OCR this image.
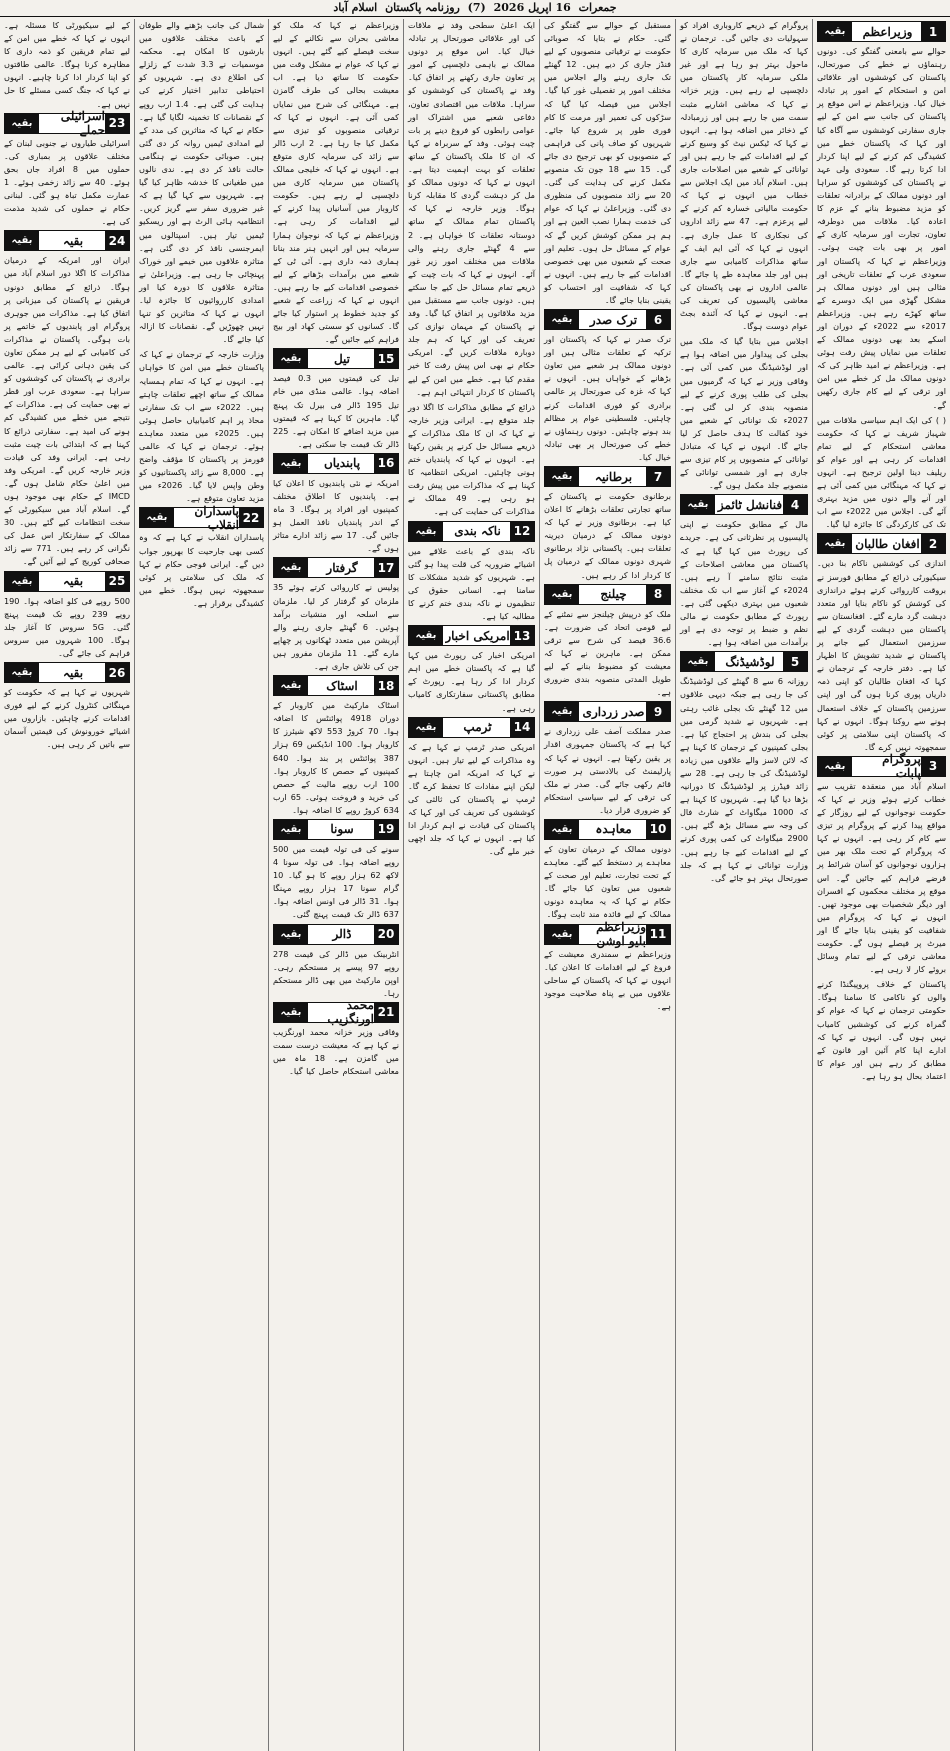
جمعرات 16 اپریل 2026 (7) روزنامہ پاکستان اسلام آباد
1
وزیراعظم
بقیہ

حوالے سے بامعنی گفتگو کی۔ دونوں رہنماؤں نے خطے کی صورتحال، پاکستان کی کوششوں اور علاقائی امن و استحکام کے امور پر تبادلہ خیال کیا۔ وزیراعظم نے اس موقع پر پاکستان کی جانب سے امن کے لیے جاری سفارتی کوششوں سے آگاہ کیا اور کہا کہ پاکستان خطے میں کشیدگی کم کرنے کے لیے اپنا کردار ادا کرتا رہے گا۔ سعودی ولی عہد نے پاکستان کی کوششوں کو سراہا اور دونوں ممالک کے برادرانہ تعلقات کو مزید مضبوط بنانے کے عزم کا اعادہ کیا۔ ملاقات میں دوطرفہ تعاون، تجارت اور سرمایہ کاری کے امور پر بھی بات چیت ہوئی۔ وزیراعظم نے کہا کہ پاکستان اور سعودی عرب کے تعلقات تاریخی اور مثالی ہیں اور دونوں ممالک ہر مشکل گھڑی میں ایک دوسرے کے ساتھ کھڑے رہے ہیں۔ وزیراعظم 2017ء سے 2022ء کے دوران اور اسکے بعد بھی دونوں ممالک کے تعلقات میں نمایاں پیش رفت ہوئی ہے۔ وزیراعظم نے امید ظاہر کی کہ دونوں ممالک مل کر خطے میں امن اور ترقی کے لیے کام جاری رکھیں گے۔

( ) کی ایک اہم سیاسی ملاقات میں شہباز شریف نے کہا کہ حکومت معاشی استحکام کے لیے تمام اقدامات کر رہی ہے اور عوام کو ریلیف دینا اولین ترجیح ہے۔ انہوں نے کہا کہ مہنگائی میں کمی آئی ہے اور آنے والے دنوں میں مزید بہتری آئے گی۔ اجلاس میں 2022ء سے اب تک کی کارکردگی کا جائزہ لیا گیا۔

2
افغان طالبان
بقیہ

اندازی کی کوششیں ناکام بنا دیں۔ سیکیورٹی ذرائع کے مطابق فورسز نے بروقت کارروائی کرتے ہوئے دراندازی کی کوشش کو ناکام بنایا اور متعدد دہشت گرد مارے گئے۔ افغانستان سے پاکستان میں دہشت گردی کے لیے سرزمین استعمال کیے جانے پر پاکستان نے شدید تشویش کا اظہار کیا ہے۔ دفتر خارجہ کے ترجمان نے کہا کہ افغان طالبان کو اپنی ذمہ داریاں پوری کرنا ہوں گی اور اپنی سرزمین پاکستان کے خلاف استعمال ہونے سے روکنا ہوگا۔ انہوں نے کہا کہ پاکستان اپنی سلامتی پر کوئی سمجھوتہ نہیں کرے گا۔

3
پروگرام پابات
بقیہ

اسلام آباد میں منعقدہ تقریب سے خطاب کرتے ہوئے وزیر نے کہا کہ حکومت نوجوانوں کے لیے روزگار کے مواقع پیدا کرنے کے پروگرام پر تیزی سے کام کر رہی ہے۔ انہوں نے کہا کہ پروگرام کے تحت ملک بھر میں ہزاروں نوجوانوں کو آسان شرائط پر قرضے فراہم کیے جائیں گے۔ اس موقع پر مختلف محکموں کے افسران اور دیگر شخصیات بھی موجود تھیں۔ انہوں نے کہا کہ پروگرام میں شفافیت کو یقینی بنایا جائے گا اور میرٹ پر فیصلے ہوں گے۔ حکومت معاشی ترقی کے لیے تمام وسائل بروئے کار لا رہی ہے۔

پاکستان کے خلاف پروپیگنڈا کرنے والوں کو ناکامی کا سامنا ہوگا۔ حکومتی ترجمان نے کہا کہ عوام کو گمراہ کرنے کی کوششیں کامیاب نہیں ہوں گی۔ انہوں نے کہا کہ ادارے اپنا کام آئین اور قانون کے مطابق کر رہے ہیں اور عوام کا اعتماد بحال ہو رہا ہے۔

پروگرام کے ذریعے کاروباری افراد کو سہولیات دی جائیں گی۔ ترجمان نے کہا کہ ملک میں سرمایہ کاری کا ماحول بہتر ہو رہا ہے اور غیر ملکی سرمایہ کار پاکستان میں دلچسپی لے رہے ہیں۔ وزیر خزانہ نے کہا کہ معاشی اشاریے مثبت سمت میں جا رہے ہیں اور زرمبادلہ کے ذخائر میں اضافہ ہوا ہے۔ انہوں نے کہا کہ ٹیکس نیٹ کو وسیع کرنے کے لیے اقدامات کیے جا رہے ہیں اور توانائی کے شعبے میں اصلاحات جاری ہیں۔ اسلام آباد میں ایک اجلاس سے خطاب میں انہوں نے کہا کہ حکومت مالیاتی خسارہ کم کرنے کے لیے پرعزم ہے۔ 47 سے زائد اداروں کی نجکاری کا عمل جاری ہے۔ انہوں نے کہا کہ آئی ایم ایف کے ساتھ مذاکرات کامیابی سے جاری ہیں اور جلد معاہدہ طے پا جائے گا۔ عالمی اداروں نے بھی پاکستان کی معاشی پالیسیوں کی تعریف کی ہے۔ انہوں نے کہا کہ آئندہ بجٹ عوام دوست ہوگا۔

اجلاس میں بتایا گیا کہ ملک میں بجلی کی پیداوار میں اضافہ ہوا ہے اور لوڈشیڈنگ میں کمی آئی ہے۔ وفاقی وزیر نے کہا کہ گرمیوں میں بجلی کی طلب پوری کرنے کے لیے منصوبہ بندی کر لی گئی ہے۔ 2027ء تک توانائی کے شعبے میں خود کفالت کا ہدف حاصل کر لیا جائے گا۔ انہوں نے کہا کہ متبادل توانائی کے منصوبوں پر کام تیزی سے جاری ہے اور شمسی توانائی کے منصوبے جلد مکمل ہوں گے۔

4
فنانشل ٹائمز
بقیہ

مال کے مطابق حکومت نے اپنی پالیسیوں پر نظرثانی کی ہے۔ جریدے کی رپورٹ میں کہا گیا ہے کہ پاکستان میں معاشی اصلاحات کے مثبت نتائج سامنے آ رہے ہیں۔ 2024ء کے آغاز سے اب تک مختلف شعبوں میں بہتری دیکھی گئی ہے۔ رپورٹ کے مطابق حکومت نے مالی نظم و ضبط پر توجہ دی ہے اور برآمدات میں اضافہ ہوا ہے۔

5
لوڈشیڈنگ
بقیہ

روزانہ 6 سے 8 گھنٹے کی لوڈشیڈنگ کی جا رہی ہے جبکہ دیہی علاقوں میں 12 گھنٹے تک بجلی غائب رہتی ہے۔ شہریوں نے شدید گرمی میں بجلی کی بندش پر احتجاج کیا ہے۔ بجلی کمپنیوں کے ترجمان کا کہنا ہے کہ لائن لاسز والے علاقوں میں زیادہ لوڈشیڈنگ کی جا رہی ہے۔ 28 سے زائد فیڈرز پر لوڈشیڈنگ کا دورانیہ بڑھا دیا گیا ہے۔ شہریوں کا کہنا ہے کہ 1000 میگاواٹ کے شارٹ فال کی وجہ سے مسائل بڑھ گئے ہیں۔ 2900 میگاواٹ کی کمی پوری کرنے کے لیے اقدامات کیے جا رہے ہیں۔ وزارت توانائی نے کہا ہے کہ جلد صورتحال بہتر ہو جائے گی۔

مستقبل کے حوالے سے گفتگو کی گئی۔ حکام نے بتایا کہ صوبائی حکومت نے ترقیاتی منصوبوں کے لیے فنڈز جاری کر دیے ہیں۔ 12 گھنٹے تک جاری رہنے والے اجلاس میں مختلف امور پر تفصیلی غور کیا گیا۔ اجلاس میں فیصلہ کیا گیا کہ سڑکوں کی تعمیر اور مرمت کا کام فوری طور پر شروع کیا جائے۔ شہریوں کو صاف پانی کی فراہمی کے منصوبوں کو بھی ترجیح دی جائے گی۔ 15 سے 18 جون تک منصوبے مکمل کرنے کی ہدایت کی گئی۔ 20 سے زائد منصوبوں کی منظوری دی گئی۔ وزیراعلیٰ نے کہا کہ عوام کی خدمت ہمارا نصب العین ہے اور ہم ہر ممکن کوشش کریں گے کہ عوام کے مسائل حل ہوں۔ تعلیم اور صحت کے شعبوں میں بھی خصوصی اقدامات کیے جا رہے ہیں۔ انہوں نے کہا کہ شفافیت اور احتساب کو یقینی بنایا جائے گا۔

6
ترک صدر
بقیہ

ترک صدر نے کہا کہ پاکستان اور ترکیہ کے تعلقات مثالی ہیں اور دونوں ممالک ہر شعبے میں تعاون بڑھانے کے خواہاں ہیں۔ انہوں نے کہا کہ غزہ کی صورتحال پر عالمی برادری کو فوری اقدامات کرنے چاہئیں۔ فلسطینی عوام پر مظالم بند ہونے چاہئیں۔ دونوں رہنماؤں نے خطے کی صورتحال پر بھی تبادلہ خیال کیا۔

7
برطانیہ
بقیہ

برطانوی حکومت نے پاکستان کے ساتھ تجارتی تعلقات بڑھانے کا اعلان کیا ہے۔ برطانوی وزیر نے کہا کہ دونوں ممالک کے درمیان دیرینہ تعلقات ہیں۔ پاکستانی نژاد برطانوی شہری دونوں ممالک کے درمیان پل کا کردار ادا کر رہے ہیں۔

8
چیلنج
بقیہ

ملک کو درپیش چیلنجز سے نمٹنے کے لیے قومی اتحاد کی ضرورت ہے۔ 36.6 فیصد کی شرح سے ترقی ممکن ہے۔ ماہرین نے کہا کہ معیشت کو مضبوط بنانے کے لیے طویل المدتی منصوبہ بندی ضروری ہے۔

9
صدر زرداری
بقیہ

صدر مملکت آصف علی زرداری نے کہا ہے کہ پاکستان جمہوری اقدار پر یقین رکھتا ہے۔ انہوں نے کہا کہ پارلیمنٹ کی بالادستی ہر صورت قائم رکھی جائے گی۔ صدر نے ملک کی ترقی کے لیے سیاسی استحکام کو ضروری قرار دیا۔

10
معاہدہ
بقیہ

دونوں ممالک کے درمیان تعاون کے معاہدے پر دستخط کیے گئے۔ معاہدے کے تحت تجارت، تعلیم اور صحت کے شعبوں میں تعاون کیا جائے گا۔ حکام نے کہا کہ یہ معاہدہ دونوں ممالک کے لیے فائدہ مند ثابت ہوگا۔

11
وزیراعظم بلیو اوشن
بقیہ

وزیراعظم نے سمندری معیشت کے فروغ کے لیے اقدامات کا اعلان کیا۔ انہوں نے کہا کہ پاکستان کے ساحلی علاقوں میں بے پناہ صلاحیت موجود ہے۔

ایک اعلیٰ سطحی وفد نے ملاقات کی اور علاقائی صورتحال پر تبادلہ خیال کیا۔ اس موقع پر دونوں ممالک نے باہمی دلچسپی کے امور پر تعاون جاری رکھنے پر اتفاق کیا۔ وفد نے پاکستان کی کوششوں کو سراہا۔ ملاقات میں اقتصادی تعاون، دفاعی شعبے میں اشتراک اور عوامی رابطوں کو فروغ دینے پر بات چیت ہوئی۔ وفد کے سربراہ نے کہا کہ ان کا ملک پاکستان کے ساتھ تعلقات کو بہت اہمیت دیتا ہے۔ انہوں نے کہا کہ دونوں ممالک کو مل کر دہشت گردی کا مقابلہ کرنا ہوگا۔ وزیر خارجہ نے کہا کہ پاکستان تمام ممالک کے ساتھ دوستانہ تعلقات کا خواہاں ہے۔ 2 سے 4 گھنٹے جاری رہنے والی ملاقات میں مختلف امور زیر غور آئے۔ انہوں نے کہا کہ بات چیت کے ذریعے تمام مسائل حل کیے جا سکتے ہیں۔ دونوں جانب سے مستقبل میں مزید ملاقاتوں پر اتفاق کیا گیا۔ وفد نے پاکستان کے مہمان نوازی کی تعریف کی اور کہا کہ ہم جلد دوبارہ ملاقات کریں گے۔ امریکی حکام نے بھی اس پیش رفت کا خیر مقدم کیا ہے۔ خطے میں امن کے لیے پاکستان کا کردار انتہائی اہم ہے۔

ذرائع کے مطابق مذاکرات کا اگلا دور جلد متوقع ہے۔ ایرانی وزیر خارجہ نے کہا کہ ان کا ملک مذاکرات کے ذریعے مسائل حل کرنے پر یقین رکھتا ہے۔ انہوں نے کہا کہ پابندیاں ختم ہونی چاہئیں۔ امریکی انتظامیہ کا کہنا ہے کہ مذاکرات میں پیش رفت ہو رہی ہے۔ 49 ممالک نے مذاکرات کی حمایت کی ہے۔

12
ناکہ بندی
بقیہ

ناکہ بندی کے باعث علاقے میں اشیائے ضروریہ کی قلت پیدا ہو گئی ہے۔ شہریوں کو شدید مشکلات کا سامنا ہے۔ انسانی حقوق کی تنظیموں نے ناکہ بندی ختم کرنے کا مطالبہ کیا ہے۔

13
امریکی اخبار
بقیہ

امریکی اخبار کی رپورٹ میں کہا گیا ہے کہ پاکستان خطے میں اہم کردار ادا کر رہا ہے۔ رپورٹ کے مطابق پاکستانی سفارتکاری کامیاب رہی ہے۔

14
ٹرمپ
بقیہ

امریکی صدر ٹرمپ نے کہا ہے کہ وہ مذاکرات کے لیے تیار ہیں۔ انہوں نے کہا کہ امریکہ امن چاہتا ہے لیکن اپنے مفادات کا تحفظ کرے گا۔ ٹرمپ نے پاکستان کی ثالثی کی کوششوں کی تعریف کی اور کہا کہ پاکستان کی قیادت نے اہم کردار ادا کیا ہے۔ انہوں نے کہا کہ جلد اچھی خبر ملے گی۔

وزیراعظم نے کہا کہ ملک کو معاشی بحران سے نکالنے کے لیے سخت فیصلے کیے گئے ہیں۔ انہوں نے کہا کہ عوام نے مشکل وقت میں حکومت کا ساتھ دیا ہے۔ اب معیشت بحالی کی طرف گامزن ہے۔ مہنگائی کی شرح میں نمایاں کمی آئی ہے۔ انہوں نے کہا کہ ترقیاتی منصوبوں کو تیزی سے مکمل کیا جا رہا ہے۔ 2 ارب ڈالر سے زائد کی سرمایہ کاری متوقع ہے۔ انہوں نے کہا کہ خلیجی ممالک پاکستان میں سرمایہ کاری میں دلچسپی لے رہے ہیں۔ حکومت کاروبار میں آسانیاں پیدا کرنے کے لیے اقدامات کر رہی ہے۔ وزیراعظم نے کہا کہ نوجوان ہمارا سرمایہ ہیں اور انہیں ہنر مند بنانا ہماری ذمہ داری ہے۔ آئی ٹی کے شعبے میں برآمدات بڑھانے کے لیے خصوصی اقدامات کیے جا رہے ہیں۔ انہوں نے کہا کہ زراعت کے شعبے کو جدید خطوط پر استوار کیا جائے گا۔ کسانوں کو سستی کھاد اور بیج فراہم کیے جائیں گے۔

15
تیل
بقیہ

تیل کی قیمتوں میں 0.3 فیصد اضافہ ہوا۔ عالمی منڈی میں خام تیل 195 ڈالر فی بیرل تک پہنچ گیا۔ ماہرین کا کہنا ہے کہ قیمتوں میں مزید اضافے کا امکان ہے۔ 225 ڈالر تک قیمت جا سکتی ہے۔

16
پابندیاں
بقیہ

امریکہ نے نئی پابندیوں کا اعلان کیا ہے۔ پابندیوں کا اطلاق مختلف کمپنیوں اور افراد پر ہوگا۔ 3 ماہ کے اندر پابندیاں نافذ العمل ہو جائیں گی۔ 17 سے زائد ادارے متاثر ہوں گے۔

17
گرفتار
بقیہ

پولیس نے کارروائی کرتے ہوئے 35 ملزمان کو گرفتار کر لیا۔ ملزمان سے اسلحہ اور منشیات برآمد ہوئیں۔ 6 گھنٹے جاری رہنے والے آپریشن میں متعدد ٹھکانوں پر چھاپے مارے گئے۔ 11 ملزمان مفرور ہیں جن کی تلاش جاری ہے۔

18
اسٹاک
بقیہ

اسٹاک مارکیٹ میں کاروبار کے دوران 4918 پوائنٹس کا اضافہ ہوا۔ 70 کروڑ 553 لاکھ شیئرز کا کاروبار ہوا۔ 100 انڈیکس 69 ہزار 387 پوائنٹس پر بند ہوا۔ 640 کمپنیوں کے حصص کا کاروبار ہوا۔ 100 ارب روپے مالیت کے حصص کی خرید و فروخت ہوئی۔ 65 ارب 634 کروڑ روپے کا اضافہ ہوا۔

19
سونا
بقیہ

سونے کی فی تولہ قیمت میں 500 روپے اضافہ ہوا۔ فی تولہ سونا 4 لاکھ 62 ہزار روپے کا ہو گیا۔ 10 گرام سونا 17 ہزار روپے مہنگا ہوا۔ 31 ڈالر فی اونس اضافہ ہوا۔ 637 ڈالر تک قیمت پہنچ گئی۔

20
ڈالر
بقیہ

انٹربینک میں ڈالر کی قیمت 278 روپے 97 پیسے پر مستحکم رہی۔ اوپن مارکیٹ میں بھی ڈالر مستحکم رہا۔

21
محمد اورنگزیب
بقیہ

وفاقی وزیر خزانہ محمد اورنگزیب نے کہا ہے کہ معیشت درست سمت میں گامزن ہے۔ 18 ماہ میں معاشی استحکام حاصل کیا گیا۔

شمال کی جانب بڑھنے والے طوفان کے باعث مختلف علاقوں میں بارشوں کا امکان ہے۔ محکمہ موسمیات نے 3.3 شدت کے زلزلے کی اطلاع دی ہے۔ شہریوں کو احتیاطی تدابیر اختیار کرنے کی ہدایت کی گئی ہے۔ 1.4 ارب روپے کے نقصانات کا تخمینہ لگایا گیا ہے۔ حکام نے کہا کہ متاثرین کی مدد کے لیے امدادی ٹیمیں روانہ کر دی گئی ہیں۔ صوبائی حکومت نے ہنگامی حالت نافذ کر دی ہے۔ ندی نالوں میں طغیانی کا خدشہ ظاہر کیا گیا ہے۔ شہریوں سے کہا گیا ہے کہ غیر ضروری سفر سے گریز کریں۔ انتظامیہ ہائی الرٹ ہے اور ریسکیو ٹیمیں تیار ہیں۔ اسپتالوں میں ایمرجنسی نافذ کر دی گئی ہے۔ متاثرہ علاقوں میں خیمے اور خوراک پہنچائی جا رہی ہے۔ وزیراعلیٰ نے متاثرہ علاقوں کا دورہ کیا اور امدادی کارروائیوں کا جائزہ لیا۔ انہوں نے کہا کہ متاثرین کو تنہا نہیں چھوڑیں گے۔ نقصانات کا ازالہ کیا جائے گا۔

وزارت خارجہ کے ترجمان نے کہا کہ پاکستان خطے میں امن کا خواہاں ہے۔ انہوں نے کہا کہ تمام ہمسایہ ممالک کے ساتھ اچھے تعلقات چاہتے ہیں۔ 2022ء سے اب تک سفارتی محاذ پر اہم کامیابیاں حاصل ہوئی ہیں۔ 2025ء میں متعدد معاہدے ہوئے۔ ترجمان نے کہا کہ عالمی فورمز پر پاکستان کا مؤقف واضح ہے۔ 8,000 سے زائد پاکستانیوں کو وطن واپس لایا گیا۔ 2026ء میں مزید تعاون متوقع ہے۔

22
پاسداران انقلاب
بقیہ

پاسداران انقلاب نے کہا ہے کہ وہ کسی بھی جارحیت کا بھرپور جواب دیں گے۔ ایرانی فوجی حکام نے کہا کہ ملک کی سلامتی پر کوئی سمجھوتہ نہیں ہوگا۔ خطے میں کشیدگی برقرار ہے۔

کے لیے سیکیورٹی کا مسئلہ ہے۔ انہوں نے کہا کہ خطے میں امن کے لیے تمام فریقین کو ذمہ داری کا مظاہرہ کرنا ہوگا۔ عالمی طاقتوں کو اپنا کردار ادا کرنا چاہیے۔ انہوں نے کہا کہ جنگ کسی مسئلے کا حل نہیں ہے۔

23
اسرائیلی حملے
بقیہ

اسرائیلی طیاروں نے جنوبی لبنان کے مختلف علاقوں پر بمباری کی۔ حملوں میں 8 افراد جاں بحق ہوئے۔ 40 سے زائد زخمی ہوئے۔ 1 عمارت مکمل تباہ ہو گئی۔ لبنانی حکام نے حملوں کی شدید مذمت کی ہے۔

24
بقیہ
بقیہ

ایران اور امریکہ کے درمیان مذاکرات کا اگلا دور اسلام آباد میں ہوگا۔ ذرائع کے مطابق دونوں فریقین نے پاکستان کی میزبانی پر اتفاق کیا ہے۔ مذاکرات میں جوہری پروگرام اور پابندیوں کے خاتمے پر بات ہوگی۔ پاکستان نے مذاکرات کی کامیابی کے لیے ہر ممکن تعاون کی یقین دہانی کرائی ہے۔ عالمی برادری نے پاکستان کی کوششوں کو سراہا ہے۔ سعودی عرب اور قطر نے بھی حمایت کی ہے۔ مذاکرات کے نتیجے میں خطے میں کشیدگی کم ہونے کی امید ہے۔ سفارتی ذرائع کا کہنا ہے کہ ابتدائی بات چیت مثبت رہی ہے۔ ایرانی وفد کی قیادت وزیر خارجہ کریں گے۔ امریکی وفد میں اعلیٰ حکام شامل ہوں گے۔ IMCD کے حکام بھی موجود ہوں گے۔ اسلام آباد میں سیکیورٹی کے سخت انتظامات کیے گئے ہیں۔ 30 ممالک کے سفارتکار اس عمل کی نگرانی کر رہے ہیں۔ 771 سے زائد صحافی کوریج کے لیے آئیں گے۔

25
بقیہ
بقیہ

500 روپے فی کلو اضافہ ہوا۔ 190 روپے 239 روپے تک قیمت پہنچ گئی۔ 5G سروس کا آغاز جلد ہوگا۔ 100 شہروں میں سروس فراہم کی جائے گی۔

26
بقیہ
بقیہ

شہریوں نے کہا ہے کہ حکومت کو مہنگائی کنٹرول کرنے کے لیے فوری اقدامات کرنے چاہئیں۔ بازاروں میں اشیائے خورونوش کی قیمتیں آسمان سے باتیں کر رہی ہیں۔
